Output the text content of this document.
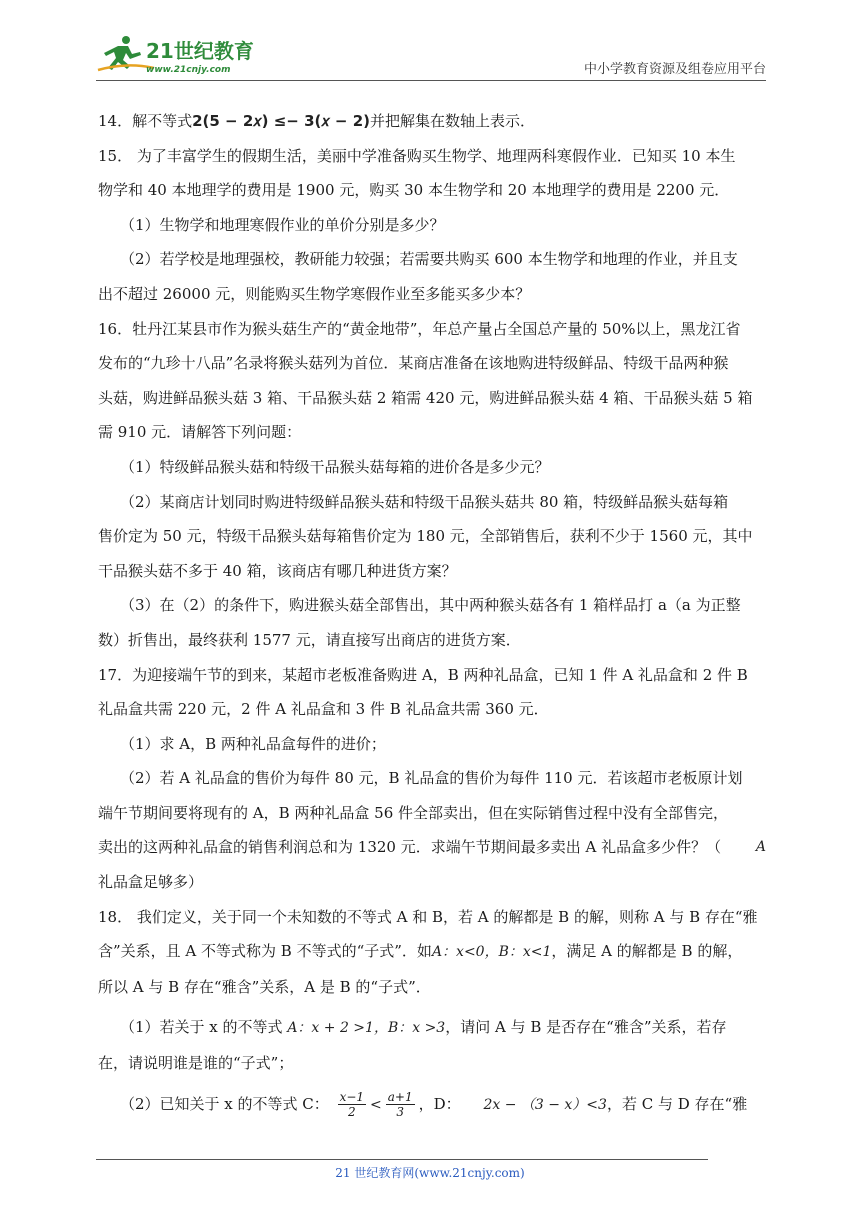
21世纪教育
www.21cnjy.com	中小学教育资源及组卷应用平台
14．解不等式2(5 − 2𝑥) ≤− 3(𝑥 − 2)并把解集在数轴上表示．
15． 为了丰富学生的假期生活，美丽中学准备购买生物学、地理两科寒假作业．已知买 10 本生
物学和 40 本地理学的费用是 1900 元，购买 30 本生物学和 20 本地理学的费用是 2200 元．
（1）生物学和地理寒假作业的单价分别是多少？
（2）若学校是地理强校，教研能力较强；若需要共购买 600 本生物学和地理的作业，并且支
出不超过 26000 元，则能购买生物学寒假作业至多能买多少本？
16．牡丹江某县市作为猴头菇生产的“黄金地带”，年总产量占全国总产量的 50%以上，黑龙江省
发布的“九珍十八品”名录将猴头菇列为首位．某商店准备在该地购进特级鲜品、特级干品两种猴
头菇，购进鲜品猴头菇 3 箱、干品猴头菇 2 箱需 420 元，购进鲜品猴头菇 4 箱、干品猴头菇 5 箱
需 910 元．请解答下列问题：
（1）特级鲜品猴头菇和特级干品猴头菇每箱的进价各是多少元？
（2）某商店计划同时购进特级鲜品猴头菇和特级干品猴头菇共 80 箱，特级鲜品猴头菇每箱
售价定为 50 元，特级干品猴头菇每箱售价定为 180 元，全部销售后，获利不少于 1560 元，其中
干品猴头菇不多于 40 箱，该商店有哪几种进货方案？
（3）在（2）的条件下，购进猴头菇全部售出，其中两种猴头菇各有 1 箱样品打 a（a 为正整
数）折售出，最终获利 1577 元，请直接写出商店的进货方案．
17．为迎接端午节的到来，某超市老板准备购进 A，B 两种礼品盒，已知 1 件 A 礼品盒和 2 件 B
礼品盒共需 220 元，2 件 A 礼品盒和 3 件 B 礼品盒共需 360 元．
（1）求 A，B 两种礼品盒每件的进价；
（2）若 A 礼品盒的售价为每件 80 元，B 礼品盒的售价为每件 110 元．若该超市老板原计划
端午节期间要将现有的 A，B 两种礼品盒 56 件全部卖出，但在实际销售过程中没有全部售完，
卖出的这两种礼品盒的销售利润总和为 1320 元．求端午节期间最多卖出 A 礼品盒多少件？（ A
礼品盒足够多）
18． 我们定义，关于同一个未知数的不等式 A 和 B，若 A 的解都是 B 的解，则称 A 与 B 存在“雅
含”关系，且 A 不等式称为 B 不等式的“子式”．如A：x<0，B：x<1，满足 A 的解都是 B 的解，
所以 A 与 B 存在“雅含”关系，A 是 B 的“子式”．
（1）若关于 x 的不等式 A：x + 2 >1，B：x >3，请问 A 与 B 是否存在“雅含”关系，若存
在，请说明谁是谁的“子式”；
（2）已知关于 x 的不等式 C： $\frac{x-1}{2} < \frac{a+1}{3}$ ，D： 2x − （3 − x）<3，若 C 与 D 存在“雅
21 世纪教育网(www.21cnjy.com)
